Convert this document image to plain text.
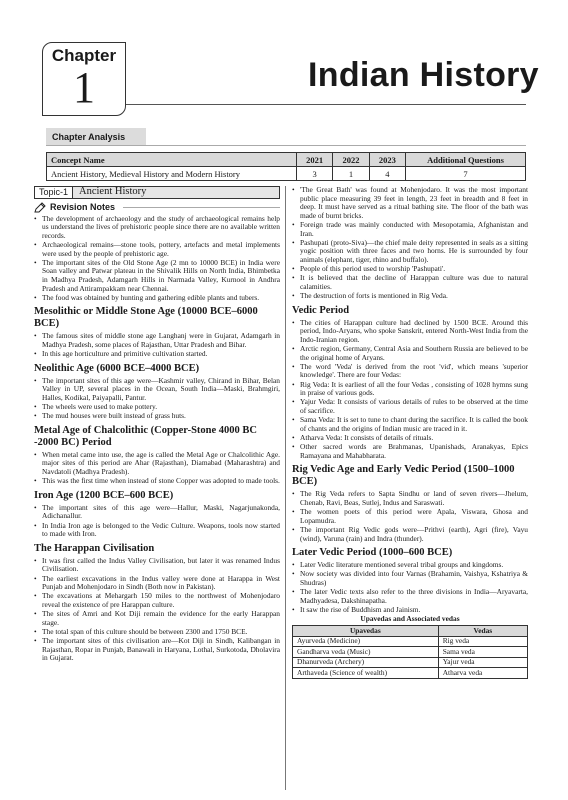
Chapter
1	Indian History
Chapter Analysis
Concept Name	2021	2022	2023	Additional Questions
Ancient History, Medieval History and Modern History	3	1	4	7
Topic-1	Ancient History
Revision Notes
• The development of archaeology and the study of archaeological remains help us understand the lives of prehistoric people since there are no available written records.
• Archaeological remains—stone tools, pottery, artefacts and metal implements were used by the people of prehistoric age.
• The important sites of the Old Stone Age (2 mn to 10000 BCE) in India were Soan valley and Patwar plateau in the Shivalik Hills on North India, Bhimbetka in Madhya Pradesh, Adamgarh Hills in Narmada Valley, Kurnool in Andhra Pradesh and Attirampakkam near Chennai.
• The food was obtained by hunting and gathering edible plants and tubers.
Mesolithic or Middle Stone Age (10000 BCE–6000 BCE)
• The famous sites of middle stone age Langhanj were in Gujarat, Adamgarh in Madhya Pradesh, some places of Rajasthan, Uttar Pradesh and Bihar.
• In this age horticulture and primitive cultivation started.
Neolithic Age (6000 BCE–4000 BCE)
• The important sites of this age were—Kashmir valley, Chirand in Bihar, Belan Valley in UP, several places in the Ocean, South India—Maski, Brahmgiri, Halles, Kodikal, Paiyapalli, Pantur.
• The wheels were used to make pottery.
• The mud houses were built instead of grass huts.
Metal Age of Chalcolithic (Copper-Stone 4000 BC -2000 BC) Period
• When metal came into use, the age is called the Metal Age or Chalcolithic Age. major sites of this period are Ahar (Rajasthan), Diamabad (Maharashtra) and Navdatoli (Madhya Pradesh).
• This was the first time when instead of stone Copper was adopted to made tools.
Iron Age (1200 BCE–600 BCE)
• The important sites of this age were—Hallur, Maski, Nagarjunakonda, Adichanallur.
• In India Iron age is belonged to the Vedic Culture. Weapons, tools now started to made with Iron.
The Harappan Civilisation
• It was first called the Indus Valley Civilisation, but later it was renamed Indus Civilisation.
• The earliest excavations in the Indus valley were done at Harappa in West Punjab and Mohenjodaro in Sindh (Both now in Pakistan).
• The excavations at Mehargarh 150 miles to the northwest of Mohenjodaro reveal the existence of pre Harappan culture.
• The sites of Amri and Kot Diji remain the evidence for the early Harappan stage.
• The total span of this culture should be between 2300 and 1750 BCE.
• The important sites of this civilisation are—Kot Diji in Sindh, Kalibangan in Rajasthan, Ropar in Punjab, Banawali in Haryana, Lothal, Surkotoda, Dholavira in Gujarat.
• 'The Great Bath' was found at Mohenjodaro. It was the most important public place measuring 39 feet in length, 23 feet in breadth and 8 feet in deep. It must have served as a ritual bathing site. The floor of the bath was made of burnt bricks.
• Foreign trade was mainly conducted with Mesopotamia, Afghanistan and Iran.
• Pashupati (proto-Siva)—the chief male deity represented in seals as a sitting yogic position with three faces and two horns. He is surrounded by four animals (elephant, tiger, rhino and buffalo).
• People of this period used to worship 'Pashupati'.
• It is believed that the decline of Harappan culture was due to natural calamities.
• The destruction of forts is mentioned in Rig Veda.
Vedic Period
• The cities of Harappan culture had declined by 1500 BCE. Around this period, Indo-Aryans, who spoke Sanskrit, entered North-West India from the Indo-Iranian region.
• Arctic region, Germany, Central Asia and Southern Russia are believed to be the original home of Aryans.
• The word 'Veda' is derived from the root 'vid', which means 'superior knowledge'. There are four Vedas:
• Rig Veda: It is earliest of all the four Vedas , consisting of 1028 hymns sung in praise of various gods.
• Yajur Veda: It consists of various details of rules to be observed at the time of sacrifice.
• Sama Veda: It is set to tune to chant during the sacrifice. It is called the book of chants and the origins of Indian music are traced in it.
• Atharva Veda: It consists of details of rituals.
• Other sacred words are Brahmanas, Upanishads, Aranakyas, Epics Ramayana and Mahabharata.
Rig Vedic Age and Early Vedic Period (1500–1000 BCE)
• The Rig Veda refers to Sapta Sindhu or land of seven rivers—Jhelum, Chenab, Ravi, Beas, Sutlej, Indus and Saraswati.
• The women poets of this period were Apala, Viswara, Ghosa and Lopamudra.
• The important Rig Vedic gods were—Prithvi (earth), Agri (fire), Vayu (wind), Varuna (rain) and Indra (thunder).
Later Vedic Period (1000–600 BCE)
• Later Vedic literature mentioned several tribal groups and kingdoms.
• Now society was divided into four Varnas (Brahamin, Vaishya, Kshatriya & Shudras)
• The later Vedic texts also refer to the three divisions in India—Aryavarta, Madhyadesa, Dakshinapatha.
• It saw the rise of Buddhism and Jainism.
Upavedas and Associated vedas
Upavedas	Vedas
Ayurveda (Medicine)	Rig veda
Gandharva veda (Music)	Sama veda
Dhanurveda (Archery)	Yajur veda
Arthaveda (Science of wealth)	Atharva veda
